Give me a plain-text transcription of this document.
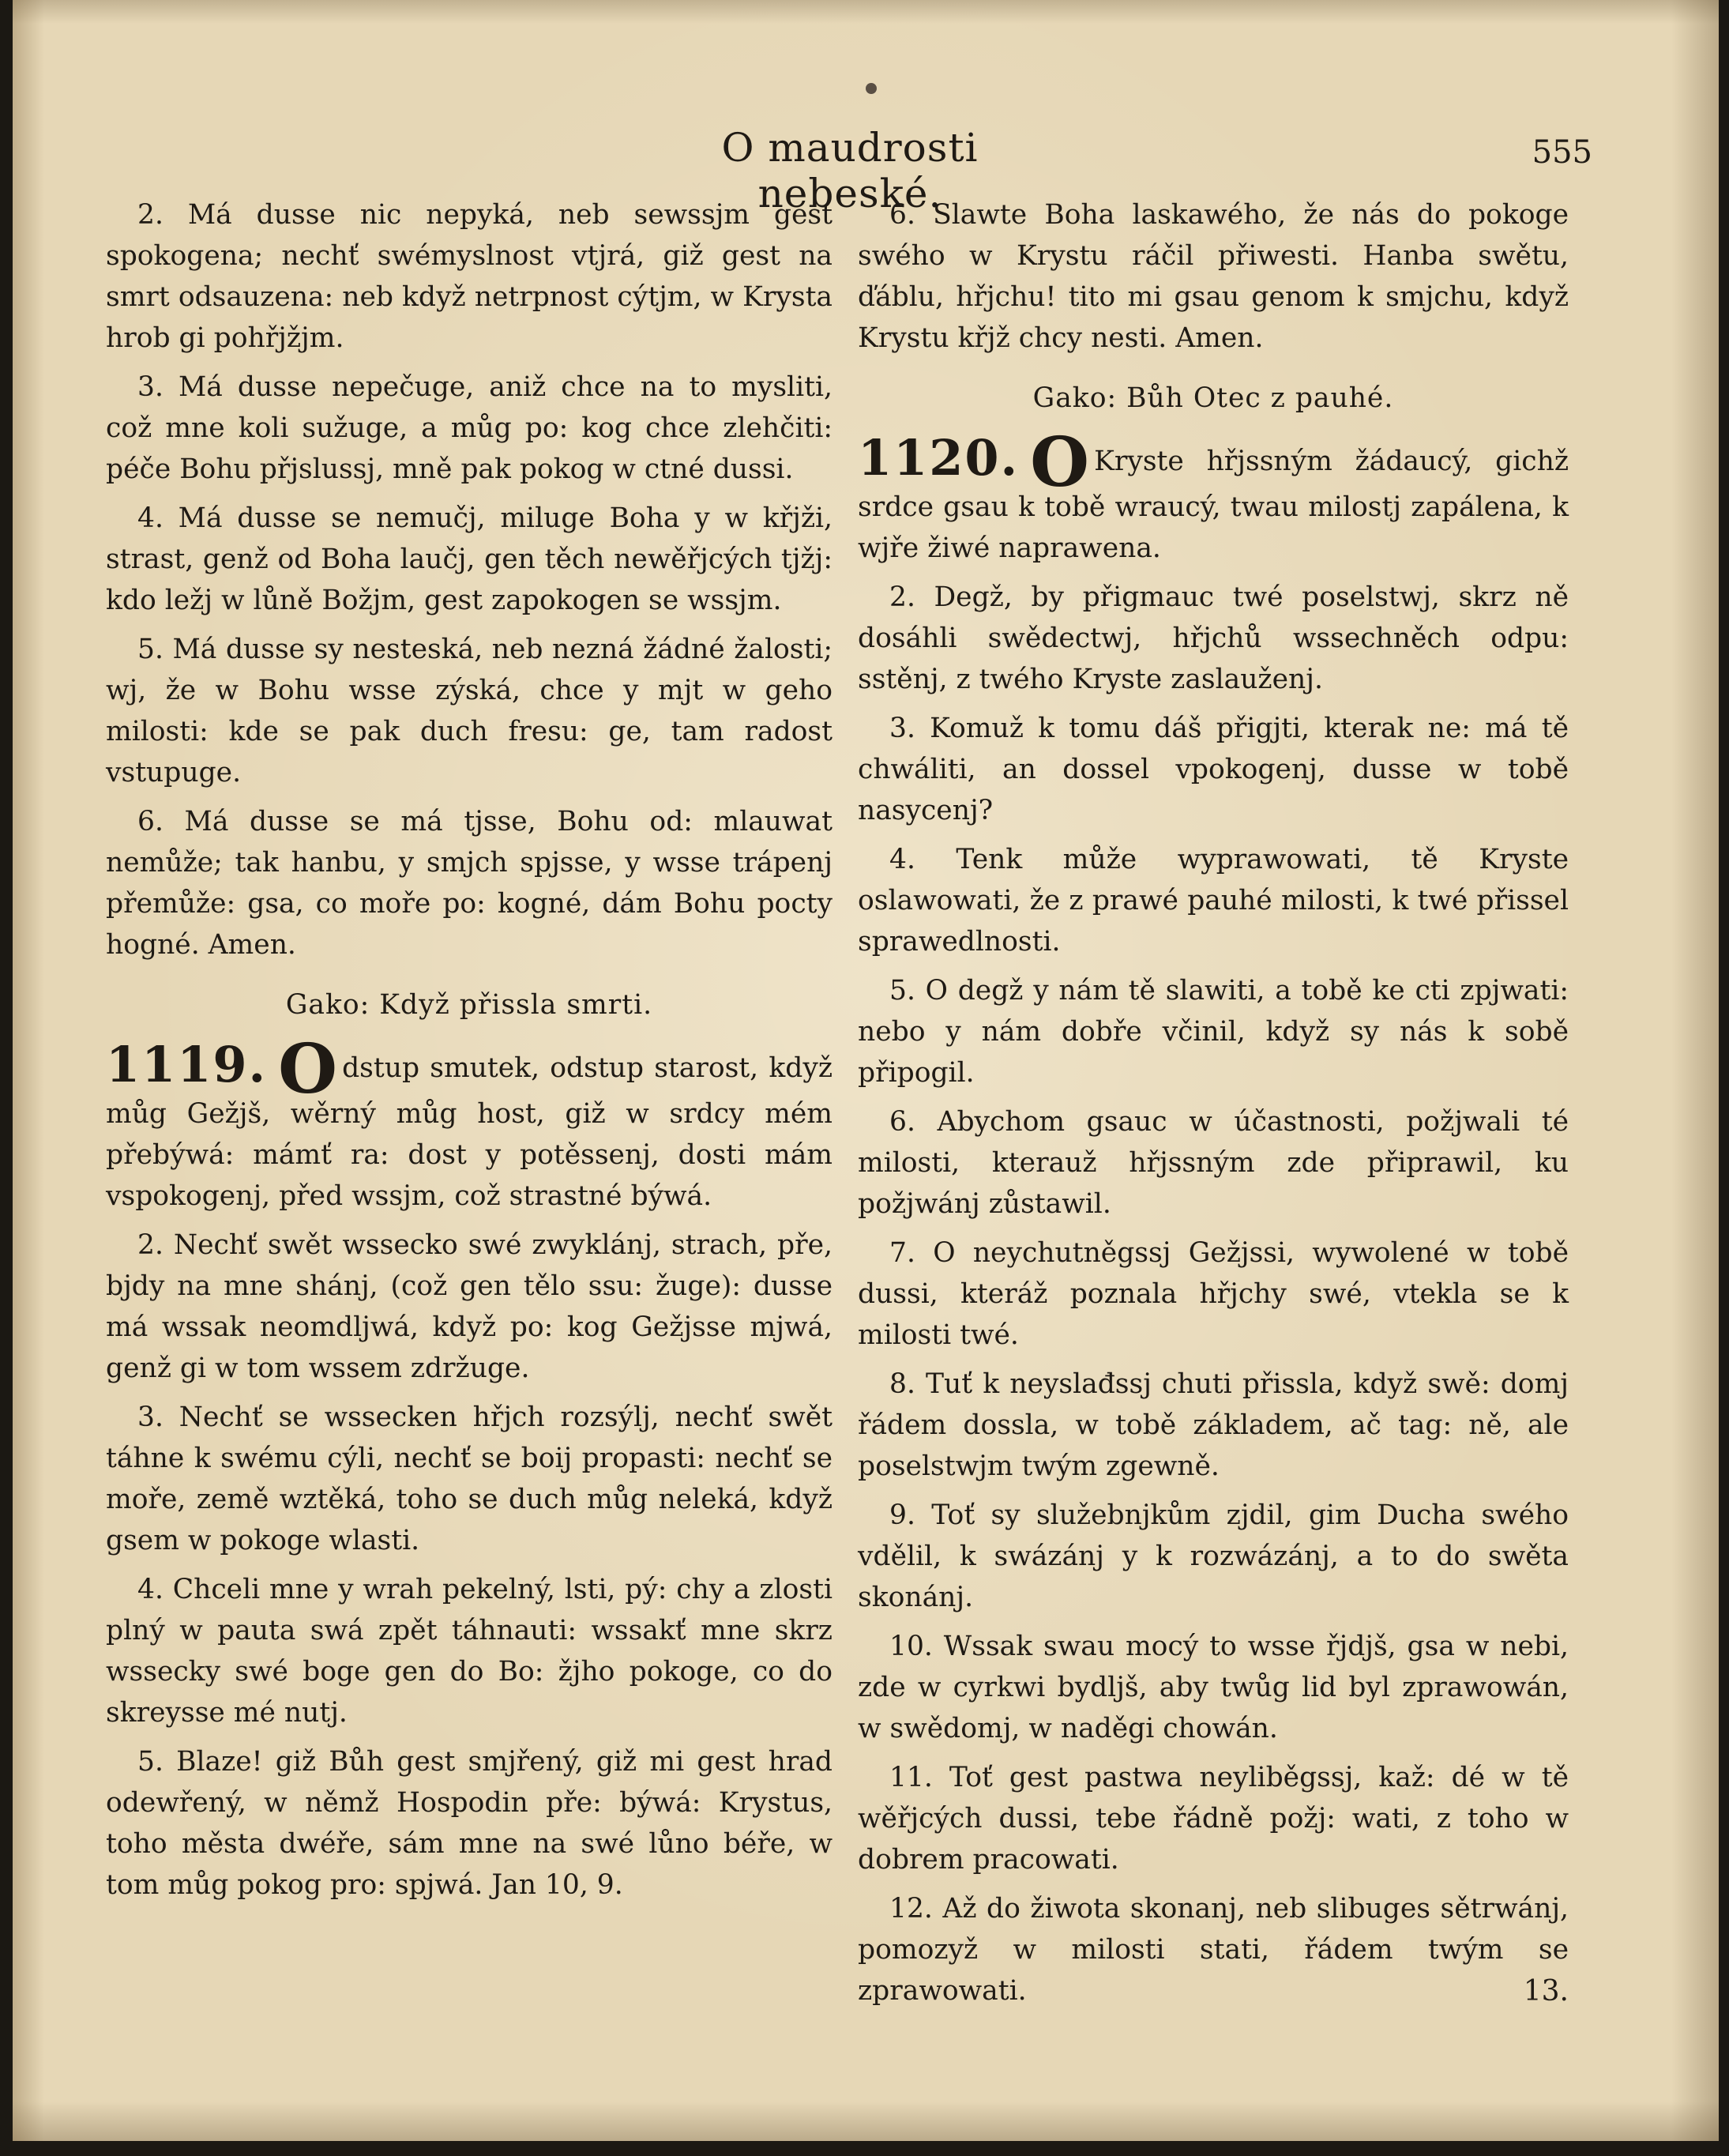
O maudrosti nebeské.
555

2. Má dusse nic nepyká, neb sewssjm gest spokogena; nechť swémyslnost vtjrá, giž gest na smrt odsauzena: neb když netrpnost cýtjm, w Krysta hrob gi pohřjžjm.

3. Má dusse nepečuge, aniž chce na to mysliti, což mne koli sužuge, a můg po: kog chce zlehčiti: péče Bohu přjslussj, mně pak pokog w ctné dussi.

4. Má dusse se nemučj, miluge Boha y w křjži, strast, genž od Boha laučj, gen těch newěřjcých tjžj: kdo ležj w lůně Božjm, gest zapokogen se wssjm.

5. Má dusse sy nesteská, neb nezná žádné žalosti; wj, že w Bohu wsse zýská, chce y mjt w geho milosti: kde se pak duch fresu: ge, tam radost vstupuge.

6. Má dusse se má tjsse, Bohu od: mlauwat nemůže; tak hanbu, y smjch spjsse, y wsse trápenj přemůže: gsa, co moře po: kogné, dám Bohu pocty hogné. Amen.

Gako: Když přissla smrti.

1119. O dstup smutek, odstup starost, když můg Gežjš, wěrný můg host, giž w srdcy mém přebýwá: mámť ra: dost y potěssenj, dosti mám vspokogenj, před wssjm, což strastné býwá.

2. Nechť swět wssecko swé zwyklánj, strach, pře, bjdy na mne shánj, (což gen tělo ssu: žuge): dusse má wssak neomdljwá, když po: kog Gežjsse mjwá, genž gi w tom wssem zdržuge.

3. Nechť se wssecken hřjch rozsýlj, nechť swět táhne k swému cýli, nechť se boij propasti: nechť se moře, země wztěká, toho se duch můg neleká, když gsem w pokoge wlasti.

4. Chceli mne y wrah pekelný, lsti, pý: chy a zlosti plný w pauta swá zpět táhnauti: wssakť mne skrz wssecky swé boge gen do Bo: žjho pokoge, co do skreysse mé nutj.

5. Blaze! giž Bůh gest smjřený, giž mi gest hrad odewřený, w němž Hospodin pře: býwá: Krystus, toho města dwéře, sám mne na swé lůno béře, w tom můg pokog pro: spjwá. Jan 10, 9.

6. Slawte Boha laskawého, že nás do pokoge swého w Krystu ráčil přiwesti. Hanba swětu, ďáblu, hřjchu! tito mi gsau genom k smjchu, když Krystu křjž chcy nesti. Amen.

Gako: Bůh Otec z pauhé.

1120. O Kryste hřjssným žádaucý, gichž srdce gsau k tobě wraucý, twau milostj zapálena, k wjře žiwé naprawena.

2. Degž, by přigmauc twé poselstwj, skrz ně dosáhli swědectwj, hřjchů wssechněch odpu: sstěnj, z twého Kryste zaslauženj.

3. Komuž k tomu dáš přigjti, kterak ne: má tě chwáliti, an dossel vpokogenj, dusse w tobě nasycenj?

4. Tenk může wyprawowati, tě Kryste oslawowati, že z prawé pauhé milosti, k twé přissel sprawedlnosti.

5. O degž y nám tě slawiti, a tobě ke cti zpjwati: nebo y nám dobře včinil, když sy nás k sobě připogil.

6. Abychom gsauc w účastnosti, požjwali té milosti, kterauž hřjssným zde připrawil, ku požjwánj zůstawil.

7. O neychutněgssj Gežjssi, wywolené w tobě dussi, kteráž poznala hřjchy swé, vtekla se k milosti twé.

8. Tuť k neyslađssj chuti přissla, když swě: domj řádem dossla, w tobě základem, ač tag: ně, ale poselstwjm twým zgewně.

9. Toť sy služebnjkům zjdil, gim Ducha swého vdělil, k swázánj y k rozwázánj, a to do swěta skonánj.

10. Wssak swau mocý to wsse řjdjš, gsa w nebi, zde w cyrkwi bydljš, aby twůg lid byl zprawowán, w swědomj, w naděgi chowán.

11. Toť gest pastwa neyliběgssj, kaž: dé w tě wěřjcých dussi, tebe řádně požj: wati, z toho w dobrem pracowati.

12. Až do žiwota skonanj, neb slibuges sětrwánj, pomozyž w milosti stati, řádem twým se zprawowati.	13.
